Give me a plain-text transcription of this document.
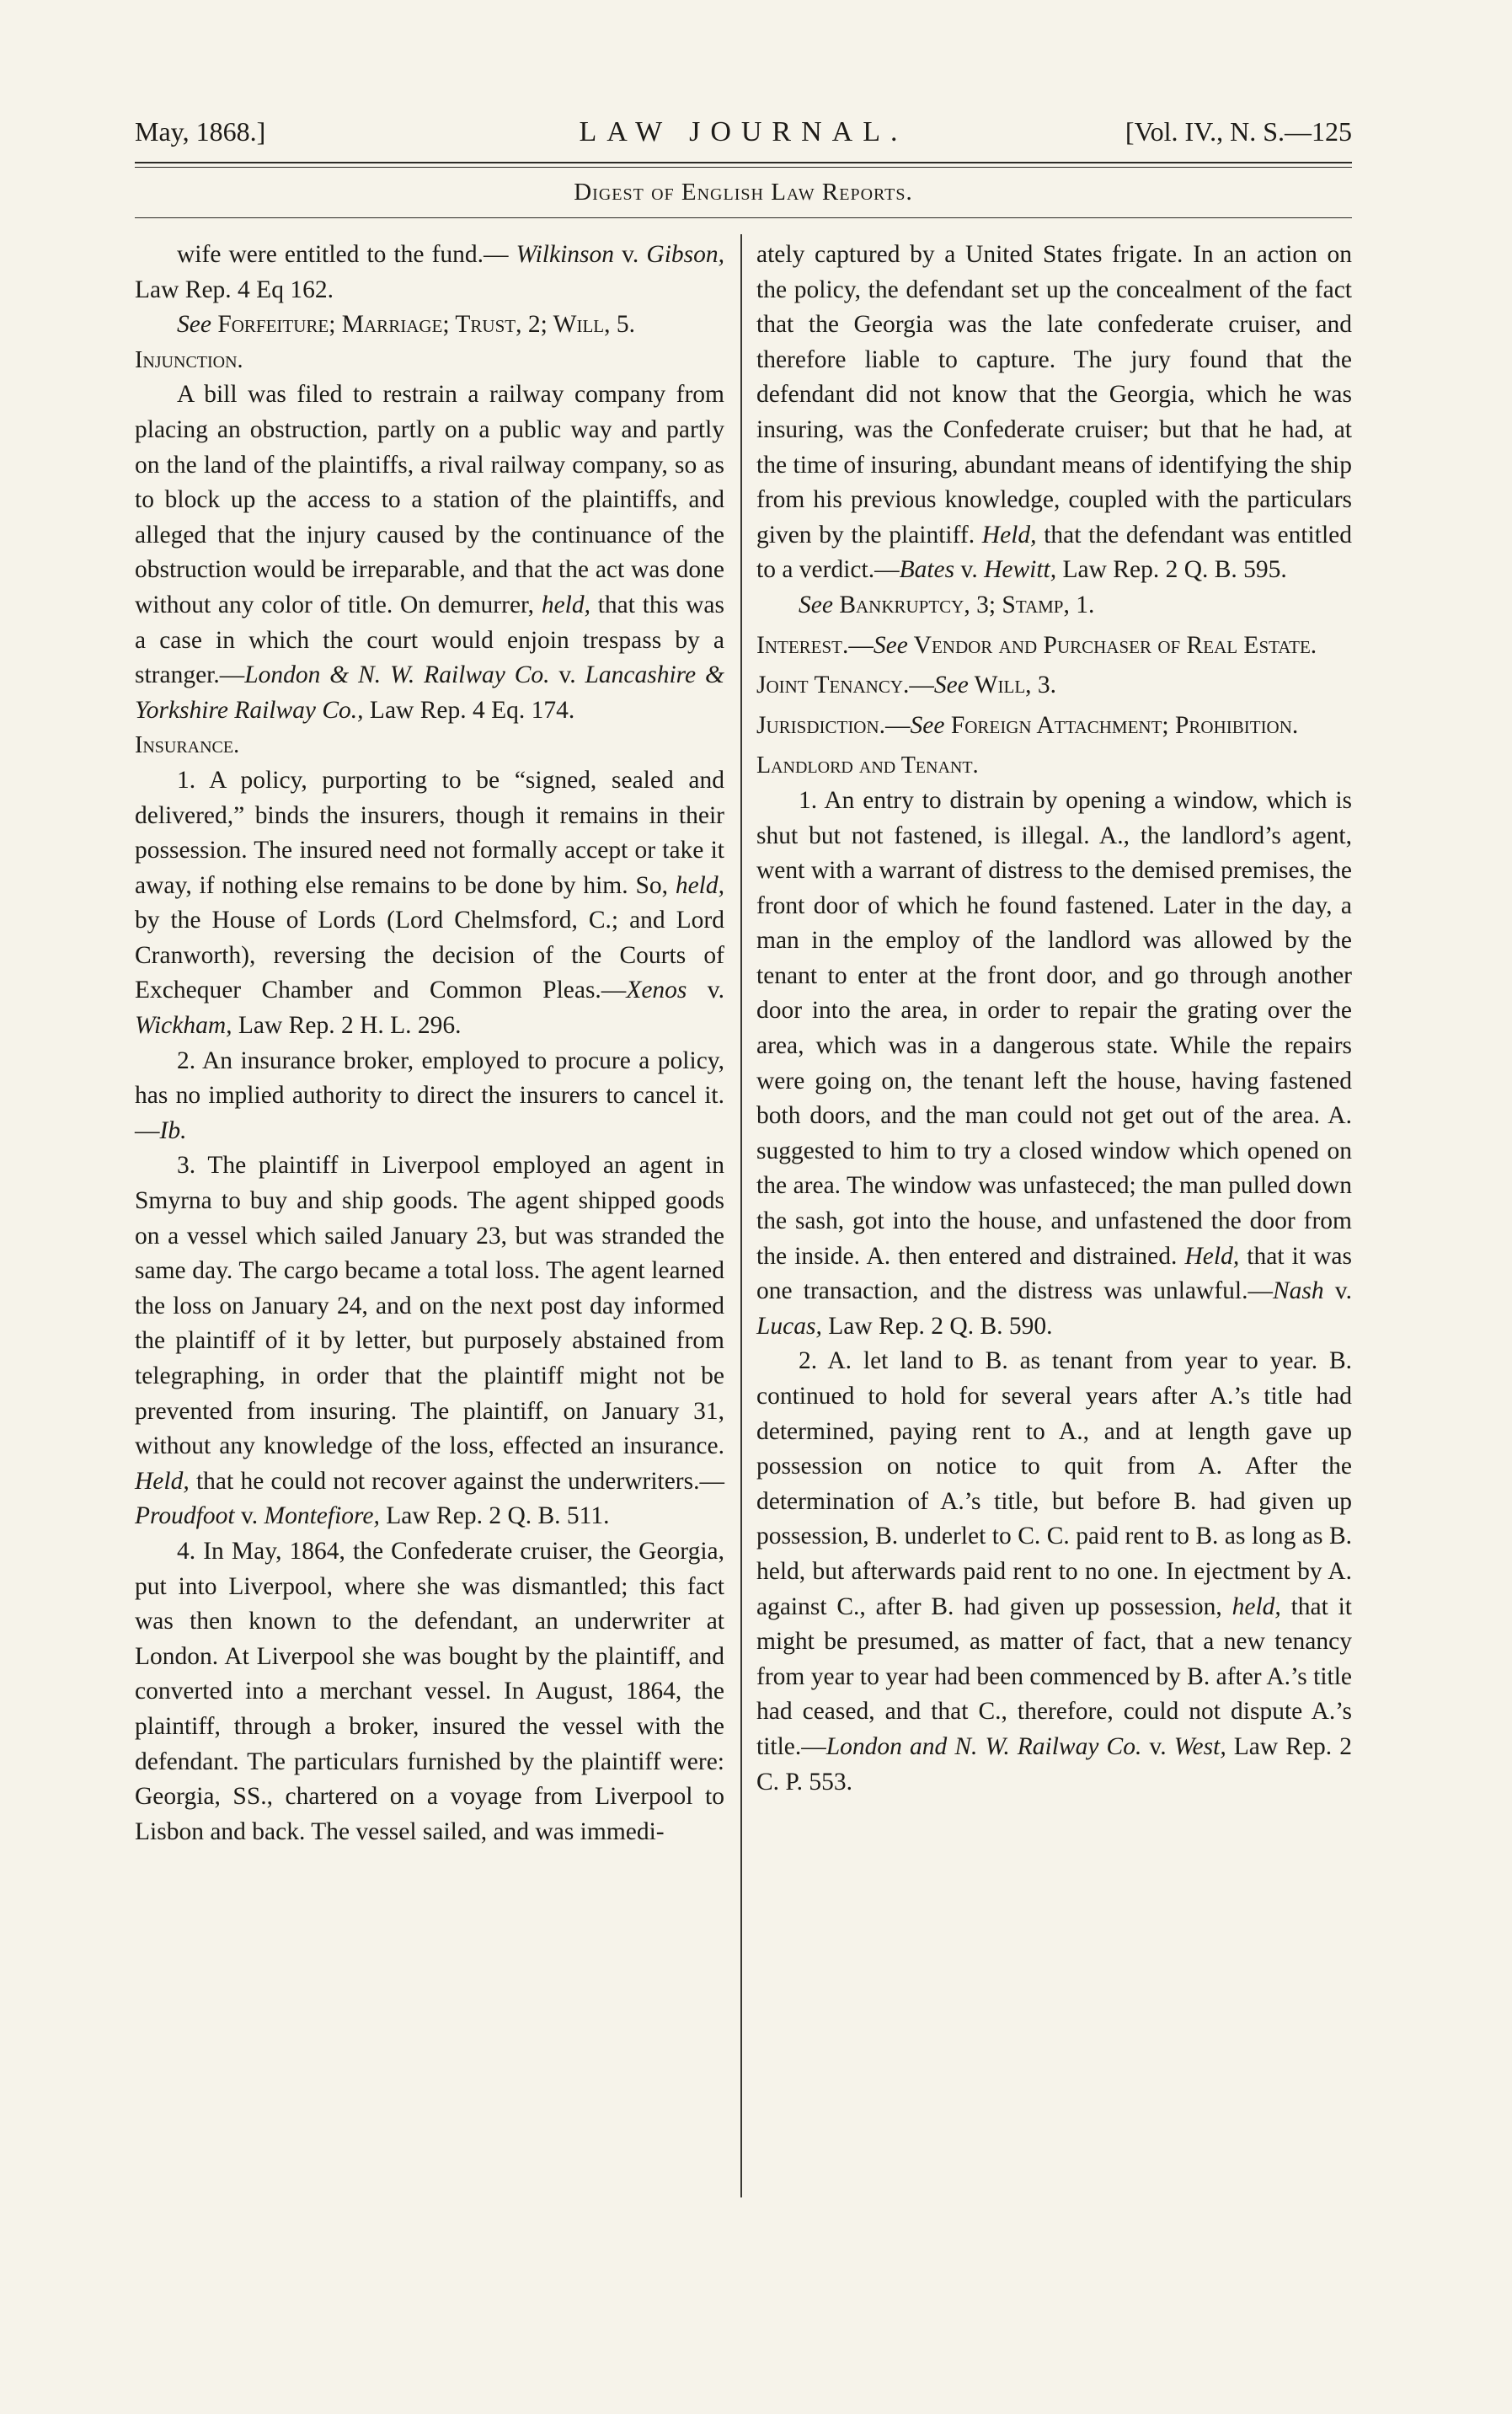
May, 1868.]	LAW JOURNAL.	[Vol. IV., N. S.—125
Digest of English Law Reports.

wife were entitled to the fund.— Wilkinson v. Gibson, Law Rep. 4 Eq 162.

See Forfeiture; Marriage; Trust, 2; Will, 5.

Injunction.

A bill was filed to restrain a railway company from placing an obstruction, partly on a public way and partly on the land of the plaintiffs, a rival railway company, so as to block up the access to a station of the plaintiffs, and alleged that the injury caused by the continuance of the obstruction would be irreparable, and that the act was done without any color of title. On demurrer, held, that this was a case in which the court would enjoin trespass by a stranger.—London & N. W. Railway Co. v. Lancashire & Yorkshire Railway Co., Law Rep. 4 Eq. 174.

Insurance.

1. A policy, purporting to be “signed, sealed and delivered,” binds the insurers, though it remains in their possession. The insured need not formally accept or take it away, if nothing else remains to be done by him. So, held, by the House of Lords (Lord Chelmsford, C.; and Lord Cranworth), reversing the decision of the Courts of Exchequer Chamber and Common Pleas.—Xenos v. Wickham, Law Rep. 2 H. L. 296.

2. An insurance broker, employed to procure a policy, has no implied authority to direct the insurers to cancel it.—Ib.

3. The plaintiff in Liverpool employed an agent in Smyrna to buy and ship goods. The agent shipped goods on a vessel which sailed January 23, but was stranded the same day. The cargo became a total loss. The agent learned the loss on January 24, and on the next post day informed the plaintiff of it by letter, but purposely abstained from telegraphing, in order that the plaintiff might not be prevented from insuring. The plaintiff, on January 31, without any knowledge of the loss, effected an insurance. Held, that he could not recover against the underwriters.—Proudfoot v. Montefiore, Law Rep. 2 Q. B. 511.

4. In May, 1864, the Confederate cruiser, the Georgia, put into Liverpool, where she was dismantled; this fact was then known to the defendant, an underwriter at London. At Liverpool she was bought by the plaintiff, and converted into a merchant vessel. In August, 1864, the plaintiff, through a broker, insured the vessel with the defendant. The particulars furnished by the plaintiff were: Georgia, SS., chartered on a voyage from Liverpool to Lisbon and back. The vessel sailed, and was immedi-

ately captured by a United States frigate. In an action on the policy, the defendant set up the concealment of the fact that the Georgia was the late confederate cruiser, and therefore liable to capture. The jury found that the defendant did not know that the Georgia, which he was insuring, was the Confederate cruiser; but that he had, at the time of insuring, abundant means of identifying the ship from his previous knowledge, coupled with the particulars given by the plaintiff. Held, that the defendant was entitled to a verdict.—Bates v. Hewitt, Law Rep. 2 Q. B. 595.

See Bankruptcy, 3; Stamp, 1.

Interest.—See Vendor and Purchaser of Real Estate.

Joint Tenancy.—See Will, 3.

Jurisdiction.—See Foreign Attachment; Prohibition.

Landlord and Tenant.

1. An entry to distrain by opening a window, which is shut but not fastened, is illegal. A., the landlord’s agent, went with a warrant of distress to the demised premises, the front door of which he found fastened. Later in the day, a man in the employ of the landlord was allowed by the tenant to enter at the front door, and go through another door into the area, in order to repair the grating over the area, which was in a dangerous state. While the repairs were going on, the tenant left the house, having fastened both doors, and the man could not get out of the area. A. suggested to him to try a closed window which opened on the area. The window was unfasteced; the man pulled down the sash, got into the house, and unfastened the door from the inside. A. then entered and distrained. Held, that it was one transaction, and the distress was unlawful.—Nash v. Lucas, Law Rep. 2 Q. B. 590.

2. A. let land to B. as tenant from year to year. B. continued to hold for several years after A.’s title had determined, paying rent to A., and at length gave up possession on notice to quit from A. After the determination of A.’s title, but before B. had given up possession, B. underlet to C. C. paid rent to B. as long as B. held, but afterwards paid rent to no one. In ejectment by A. against C., after B. had given up possession, held, that it might be presumed, as matter of fact, that a new tenancy from year to year had been commenced by B. after A.’s title had ceased, and that C., therefore, could not dispute A.’s title.—London and N. W. Railway Co. v. West, Law Rep. 2 C. P. 553.
